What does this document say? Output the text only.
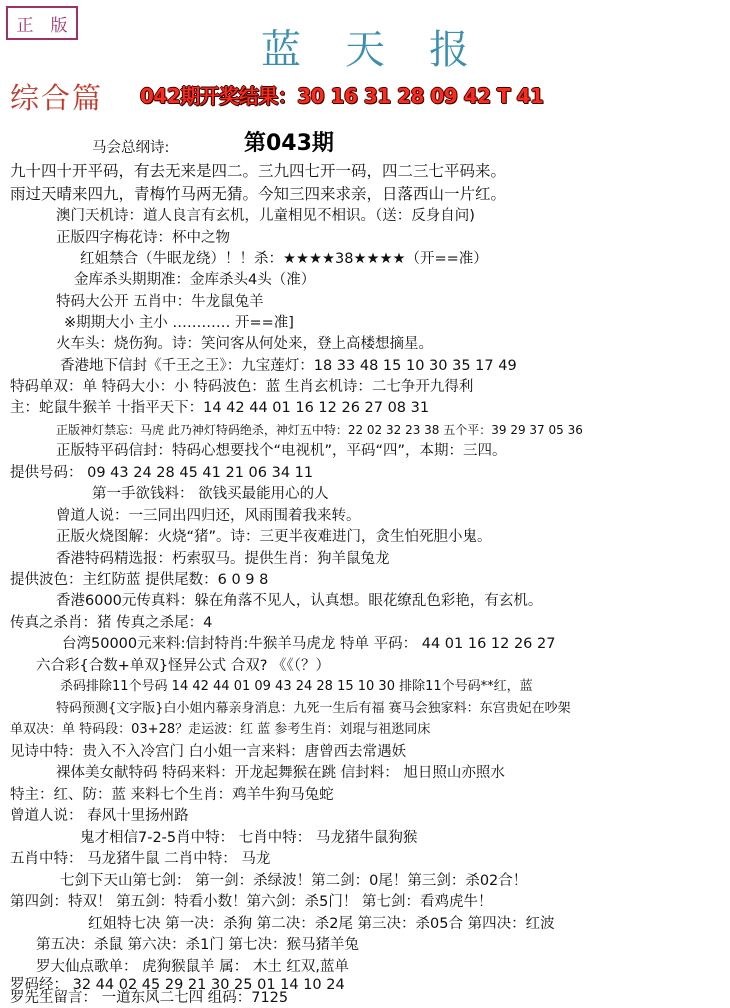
正 版
蓝天报
综合篇 042期开奖结果：30 16 31 28 09 42 T 41
第043期
马会总纲诗:
九十四十开平码，有去无来是四二。三九四七开一码，四二三七平码来。
雨过天晴来四九，青梅竹马两无猜。今知三四来求亲，日落西山一片红。
澳门天机诗：道人良言有玄机，儿童相见不相识。（送：反身自问)
正版四字梅花诗：杯中之物
红姐禁合（牛眠龙绕）！！杀：★★★★38★★★★（开==准）
金库杀头期期准：金库杀头4头（准）
特码大公开 五肖中：牛龙鼠兔羊
※期期大小 主小 ………… 开==准]
火车头：烧伤狗。诗：笑问客从何处来，登上高楼想摘星。
香港地下信封《千王之王》：九宝莲灯：18 33 48 15 10 30 35 17 49
特码单双：单 特码大小：小 特码波色：蓝 生肖玄机诗：二七争开九得利
主：蛇鼠牛猴羊 十指平天下：14 42 44 01 16 12 26 27 08 31
正版神灯禁忘：马虎 此乃神灯特码绝杀，神灯五中特：22 02 32 23 38 五个平：39 29 37 05 36
正版特平码信封：特码心想要找个“电视机”，平码“四”，本期：三四。
提供号码： 09 43 24 28 45 41 21 06 34 11
第一手欲钱料： 欲钱买最能用心的人
曾道人说：一三同出四归还，风雨围着我来转。
正版火烧图解：火烧“猪”。诗：三更半夜难进门，贪生怕死胆小鬼。
香港特码精选报：朽索驭马。提供生肖：狗羊鼠兔龙
提供波色：主红防蓝 提供尾数：6 0 9 8
香港6000元传真料：躲在角落不见人，认真想。眼花缭乱色彩艳，有玄机。
传真之杀肖：猪 传真之杀尾：4
台湾50000元来料:信封特肖:牛猴羊马虎龙 特单 平码： 44 01 16 12 26 27
六合彩{合数+单双}怪异公式 合双? 《《（？）
杀码排除11个号码 14 42 44 01 09 43 24 28 15 10 30 排除11个号码**红，蓝
特码预测{文字版}白小姐内幕亲身消息：九死一生后有福 赛马会独家料：东宫贵妃在吵架
单双决：单 特码段：03+28？走运波：红 蓝 参考生肖：刘琨与祖逖同床
见诗中特：贵入不入冷宫门 白小姐一言来料：唐曾西去常遇妖
裸体美女献特码 特码来料：开龙起舞猴在跳 信封料： 旭日照山亦照水
特主：红、防：蓝 来料七个生肖：鸡羊牛狗马兔蛇
曾道人说： 春风十里扬州路
鬼才相信7-2-5肖中特： 七肖中特： 马龙猪牛鼠狗猴
五肖中特： 马龙猪牛鼠 二肖中特： 马龙
七剑下天山第七剑： 第一剑：杀绿波！第二剑：0尾！第三剑：杀02合！
第四剑：特双！ 第五剑：特看小数！第六剑：杀5门！ 第七剑：看鸡虎牛！
红姐特七决 第一决：杀狗 第二决：杀2尾 第三决：杀05合 第四决：红波
第五决：杀鼠 第六决：杀1门 第七决：猴马猪羊兔
罗大仙点歌单： 虎狗猴鼠羊 属： 木土 红双,蓝单
罗码经： 32 44 02 45 29 21 30 25 01 14 10 24
罗先生留言： 一道东风二七四 组码：7125
